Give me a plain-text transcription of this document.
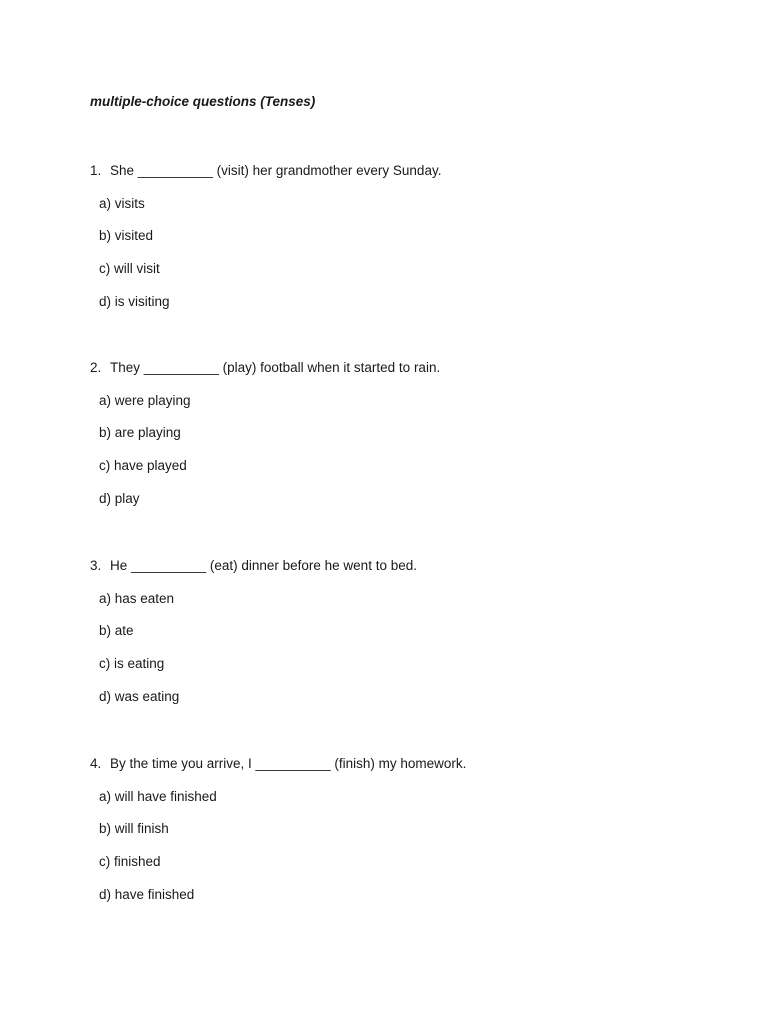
multiple-choice questions (Tenses)
1. She __________ (visit) her grandmother every Sunday.
a) visits
b) visited
c) will visit
d) is visiting
2. They __________ (play) football when it started to rain.
a) were playing
b) are playing
c) have played
d) play
3. He __________ (eat) dinner before he went to bed.
a) has eaten
b) ate
c) is eating
d) was eating
4. By the time you arrive, I __________ (finish) my homework.
a) will have finished
b) will finish
c) finished
d) have finished
